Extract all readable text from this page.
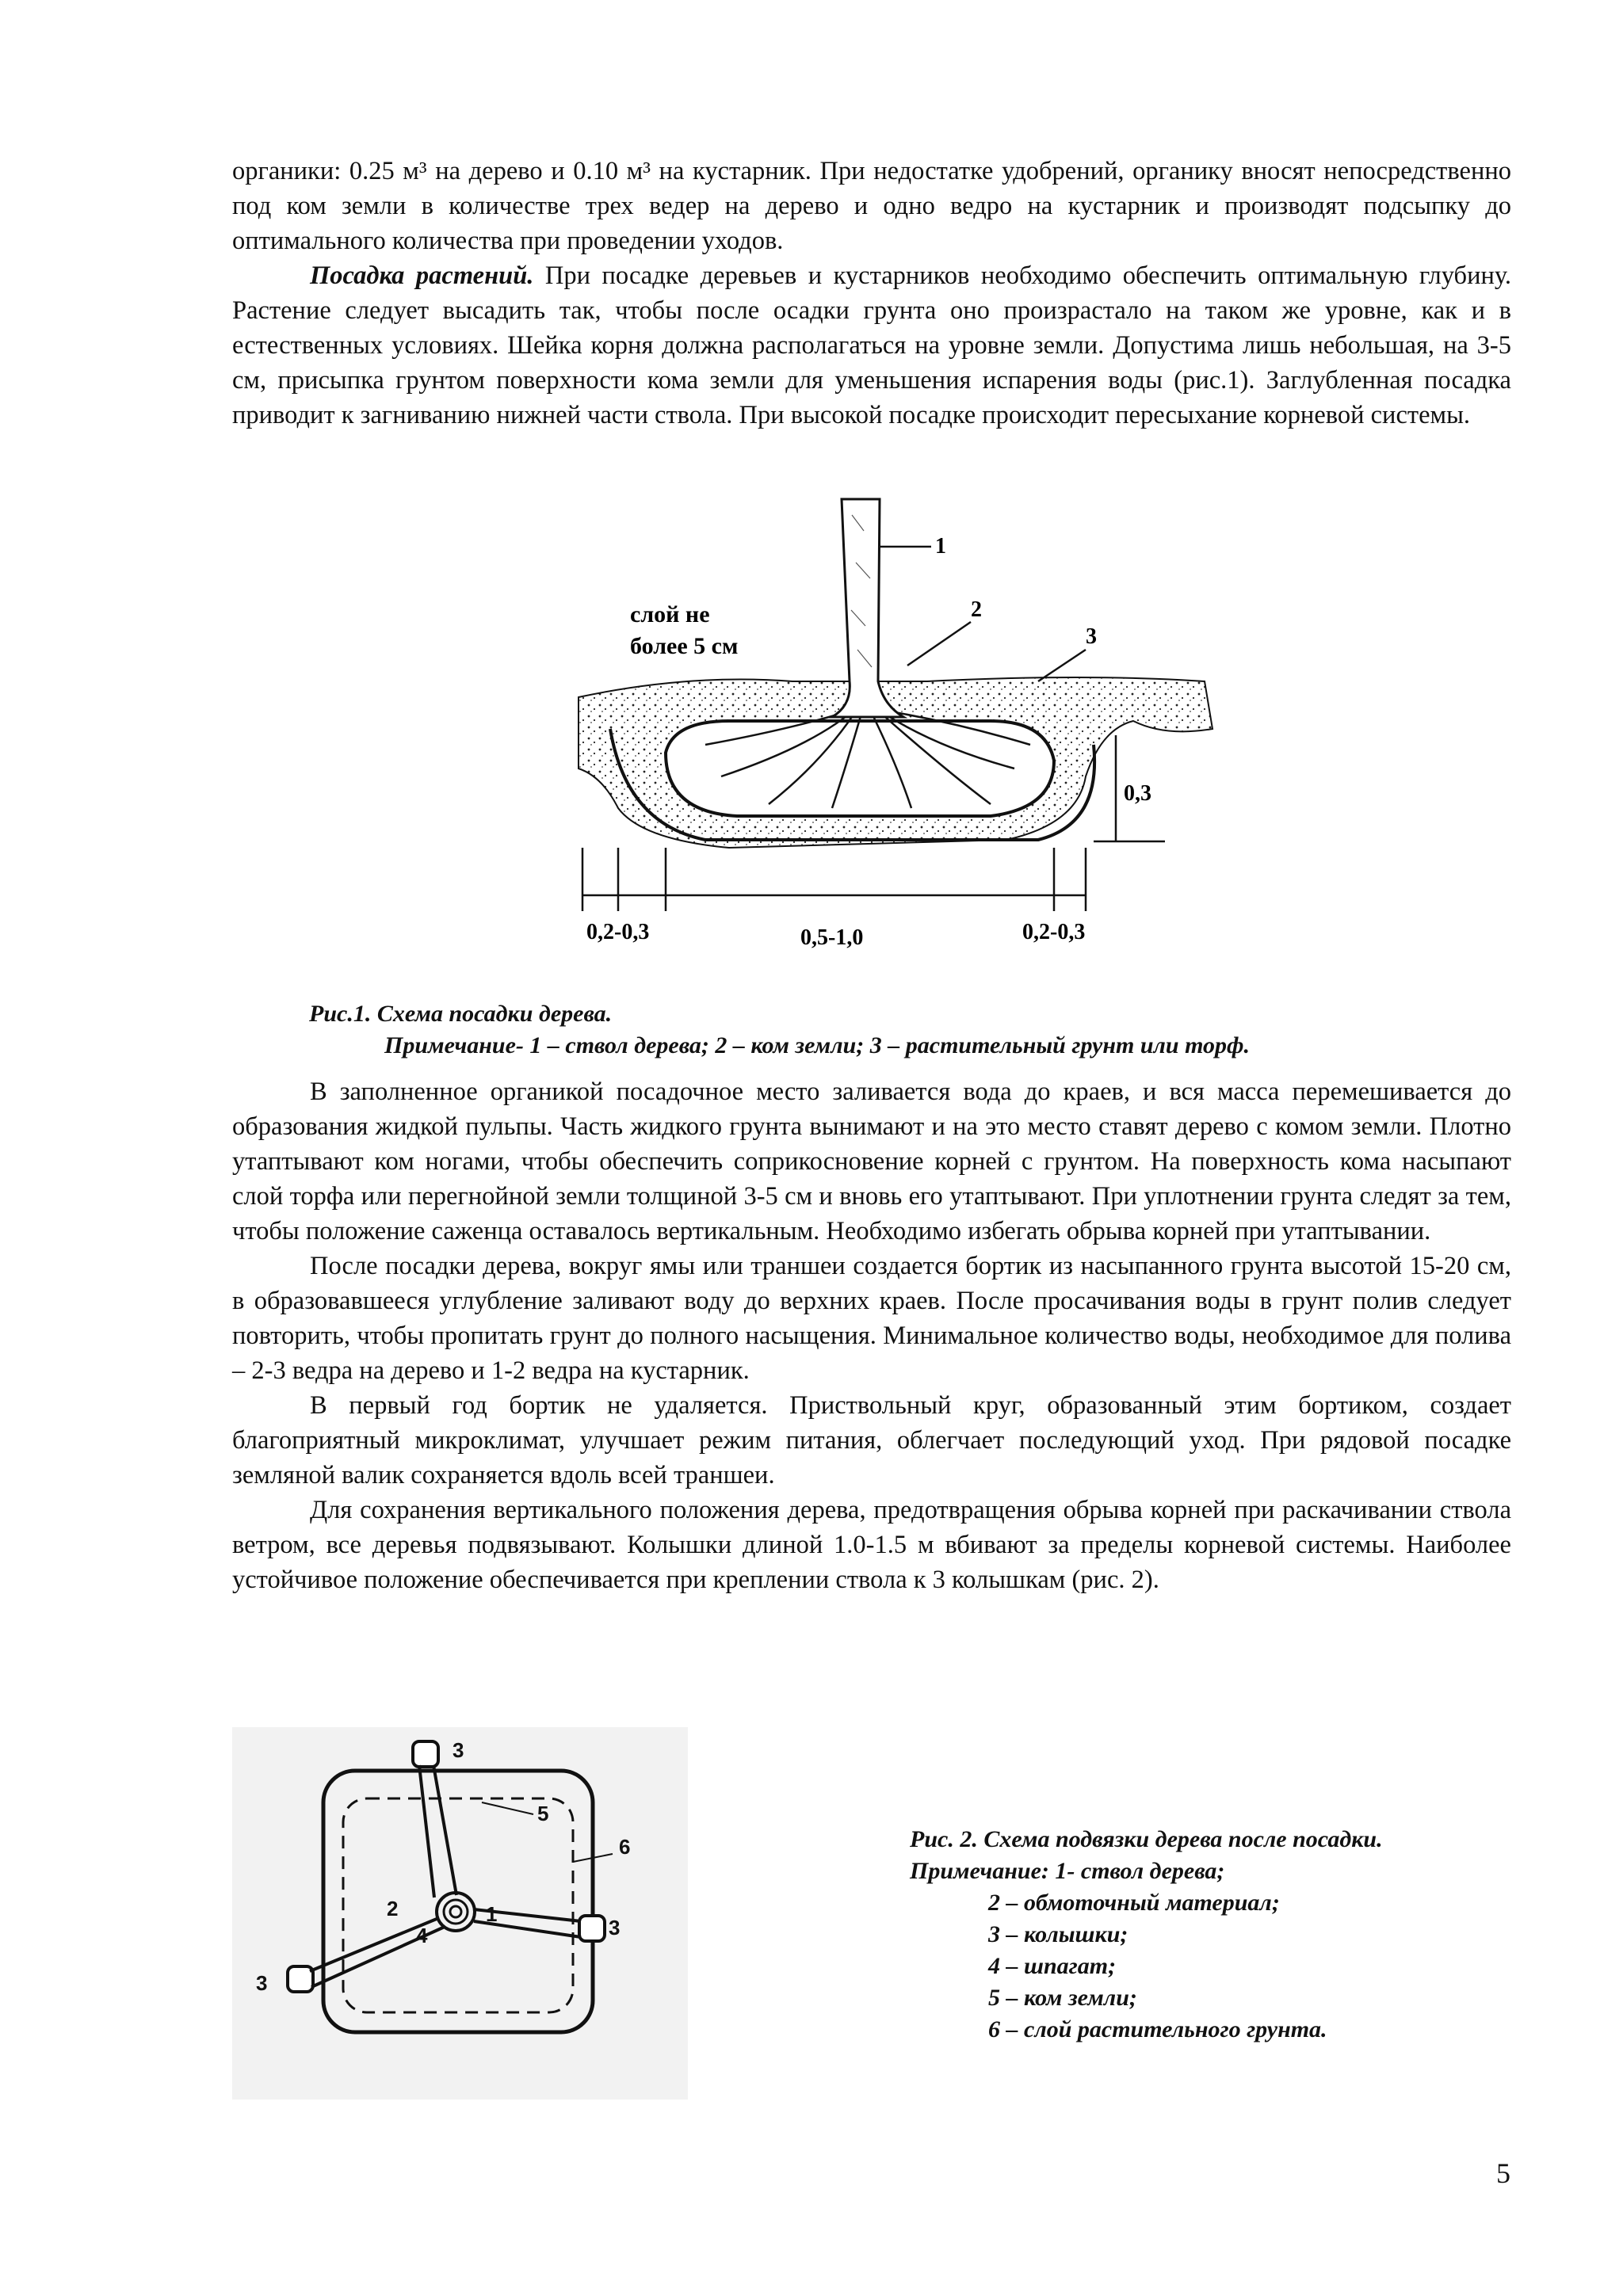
органики: 0.25 м³ на дерево и 0.10 м³ на кустарник. При недостатке удобрений, органику вносят непосредственно под ком земли в количестве трех ведер на дерево и одно ведро на кустарник и производят подсыпку до оптимального количества при проведении уходов.

Посадка растений. При посадке деревьев и кустарников необходимо обеспечить оптимальную глубину. Растение следует высадить так, чтобы после осадки грунта оно произрастало на таком же уровне, как и в естественных условиях. Шейка корня должна располагаться на уровне земли. Допустима лишь небольшая, на 3-5 см, присыпка грунтом поверхности кома земли для уменьшения испарения воды (рис.1). Заглубленная посадка приводит к загниванию нижней части ствола. При высокой посадке происходит пересыхание корневой системы.

1
2
3
слой не
более 5 см
0,3
0,2-0,3	0,5-1,0	0,2-0,3
Рис.1. Схема посадки дерева.
Примечание- 1 – ствол дерева; 2 – ком земли; 3 – растительный грунт или торф.

В заполненное органикой посадочное место заливается вода до краев, и вся масса перемешивается до образования жидкой пульпы. Часть жидкого грунта вынимают и на это место ставят дерево с комом земли. Плотно утаптывают ком ногами, чтобы обеспечить соприкосновение корней с грунтом. На поверхность кома насыпают слой торфа или перегнойной земли толщиной 3-5 см и вновь его утаптывают. При уплотнении грунта следят за тем, чтобы положение саженца оставалось вертикальным. Необходимо избегать обрыва корней при утаптывании.

После посадки дерева, вокруг ямы или траншеи создается бортик из насыпанного грунта высотой 15-20 см, в образовавшееся углубление заливают воду до верхних краев. После просачивания воды в грунт полив следует повторить, чтобы пропитать грунт до полного насыщения. Минимальное количество воды, необходимое для полива – 2-3 ведра на дерево и 1-2 ведра на кустарник.

В первый год бортик не удаляется. Приствольный круг, образованный этим бортиком, создает благоприятный микроклимат, улучшает режим питания, облегчает последующий уход. При рядовой посадке земляной валик сохраняется вдоль всей траншеи.

Для сохранения вертикального положения дерева, предотвращения обрыва корней при раскачивании ствола ветром, все деревья подвязывают. Колышки длиной 1.0-1.5 м вбивают за пределы корневой системы. Наиболее устойчивое положение обеспечивается при креплении ствола к 3 колышкам (рис. 2).

3
3
3
1
2
4
5
6	Рис. 2. Схема подвязки дерева после посадки.
Примечание: 1- ствол дерева;
2 – обмоточный материал;
3 – колышки;
4 – шпагат;
5 – ком земли;
6 – слой растительного грунта.
5
